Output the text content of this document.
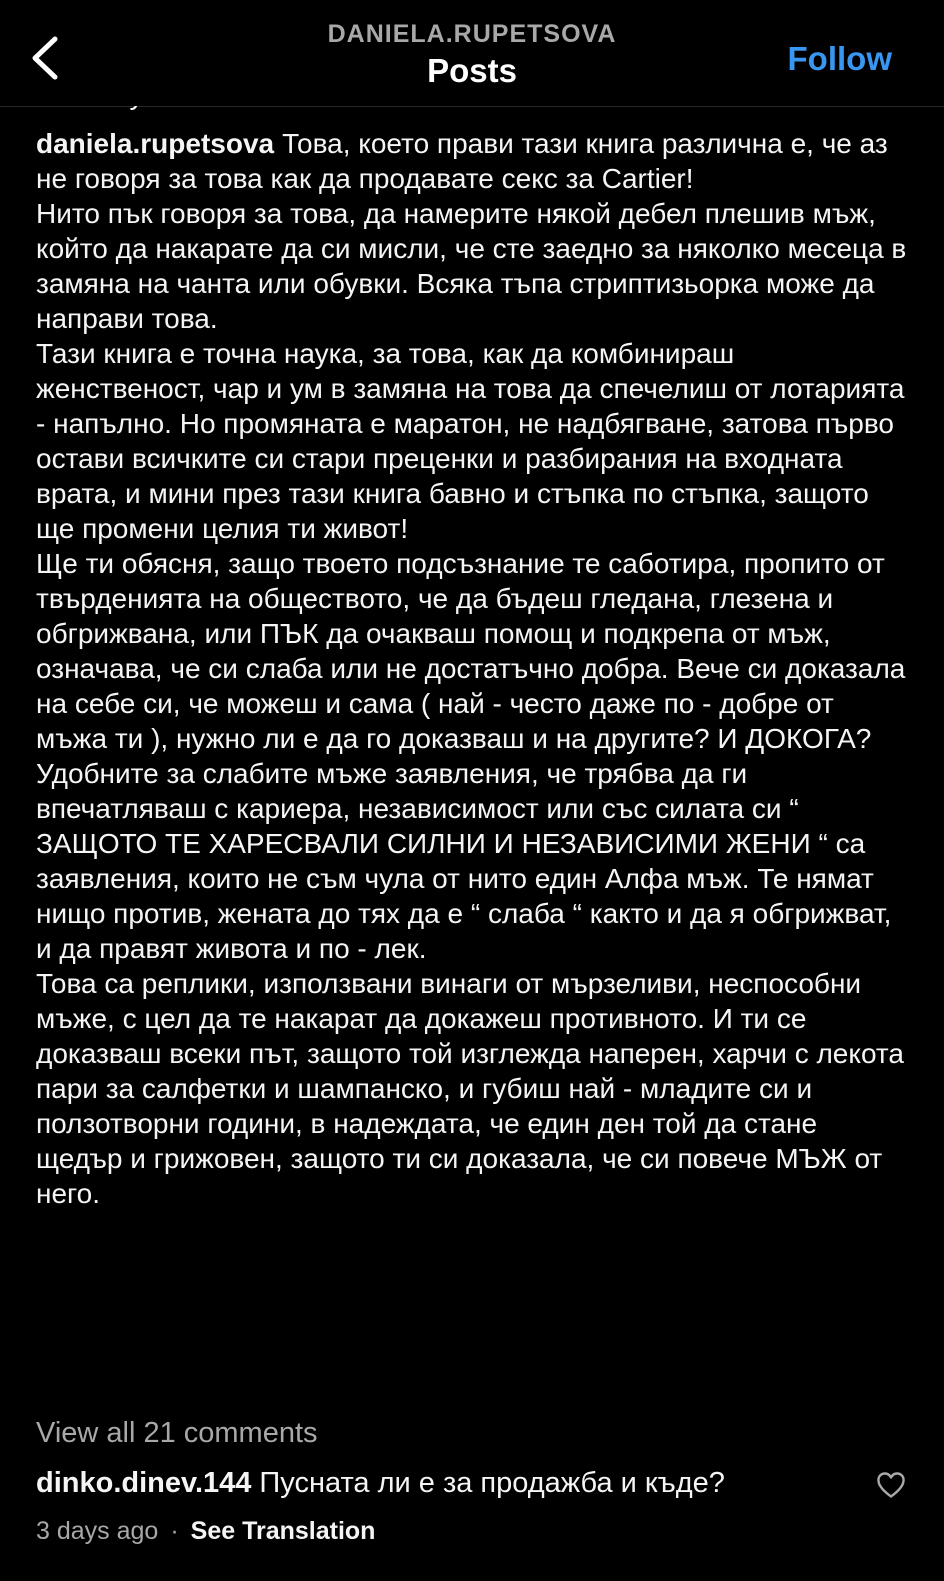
DANIELA.RUPETSOVA
Posts	Follow

daniela.rupetsova Това, което прави тази книга различна е, че аз не говоря за това как да продавате секс за Cartier!

Нито пък говоря за това, да намерите някой дебел плешив мъж, който да накарате да си мисли, че сте заедно за няколко месеца в замяна на чанта или обувки. Всяка тъпа стриптизьорка може да направи това.

Тази книга е точна наука, за това, как да комбинираш женственост, чар и ум в замяна на това да спечелиш от лотарията - напълно. Но промяната е маратон, не надбягване, затова първо остави всичките си стари преценки и разбирания на входната врата, и мини през тази книга бавно и стъпка по стъпка, защото ще промени целия ти живот!

Ще ти обясня, защо твоето подсъзнание те саботира, пропито от твърденията на обществото, че да бъдеш гледана, глезена и обгрижвана, или ПЪК да очакваш помощ и подкрепа от мъж, означава, че си слаба или не достатъчно добра. Вече си доказала на себе си, че можеш и сама ( най - често даже по - добре от мъжа ти ), нужно ли е да го доказваш и на другите? И ДОКОГА?

Удобните за слабите мъже заявления, че трябва да ги впечатляваш с кариера, независимост или със силата си “ ЗАЩОТО ТЕ ХАРЕСВАЛИ СИЛНИ И НЕЗАВИСИМИ ЖЕНИ “ са заявления, които не съм чула от нито един Алфа мъж. Те нямат нищо против, жената до тях да е “ слаба “ както и да я обгрижват, и да правят живота и по - лек.

Това са реплики, използвани винаги от мързеливи, неспособни мъже, с цел да те накарат да докажеш противното. И ти се доказваш всеки път, защото той изглежда наперен, харчи с лекота пари за салфетки и шампанско, и губиш най - младите си и ползотворни години, в надеждата, че един ден той да стане щедър и грижовен, защото ти си доказала, че си повече МЪЖ от него.

View all 21 comments
dinko.dinev.144 Пусната ли е за продажба и къде?
3 days ago · See Translation
